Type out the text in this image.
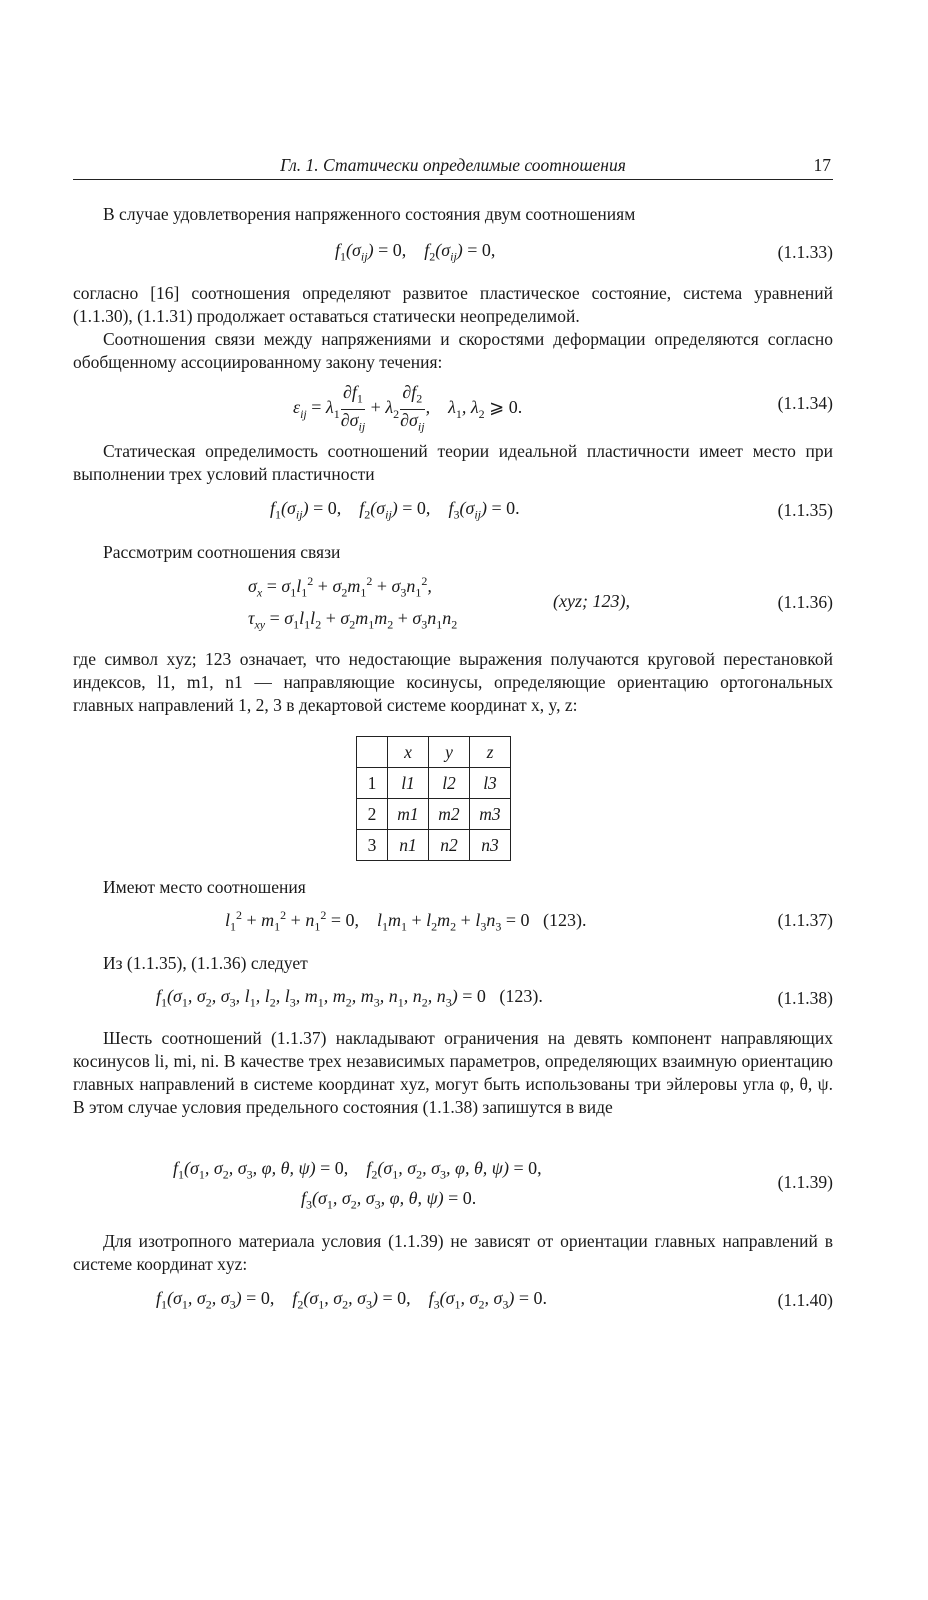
Гл. 1. Статически определимые соотношения	17
В случае удовлетворения напряженного состояния двум соотношениям
$f_1(\sigma_{ij}) = 0$,    $f_2(\sigma_{ij}) = 0$,	(1.1.33)
согласно [16] соотношения определяют развитое пластическое состояние, система уравнений (1.1.30), (1.1.31) продолжает оставаться статически неопределимой.
Соотношения связи между напряжениями и скоростями деформации определяются согласно обобщенному ассоциированному закону течения:
$\varepsilon_{ij} = \lambda_1 \frac{\partial f_1}{\partial\sigma_{ij}} + \lambda_2 \frac{\partial f_2}{\partial\sigma_{ij}}$ ,    $\lambda_1$, $\lambda_2$ ⩾ 0.	(1.1.34)
Статическая определимость соотношений теории идеальной пластичности имеет место при выполнении трех условий пластичности
$f_1(\sigma_{ij}) = 0$,    $f_2(\sigma_{ij}) = 0$,    $f_3(\sigma_{ij}) = 0$.	(1.1.35)
Рассмотрим соотношения связи
$\sigma_x = \sigma_1l_1^2 + \sigma_2m_1^2 + \sigma_3n_1^2$,
$\tau_{xy} = \sigma_1l_1l_2 + \sigma_2m_1m_2 + \sigma_3n_1n_2$
(xyz; 123),	(1.1.36)
где символ xyz; 123 означает, что недостающие выражения получаются круговой перестановкой индексов, l1, m1, n1 — направляющие косинусы, определяющие ориентацию ортогональных главных направлений 1, 2, 3 в декартовой системе координат x, y, z:
	x	y	z
1	l1	l2	l3
2	m1	m2	m3
3	n1	n2	n3
Имеют место соотношения
$l_1^2 + m_1^2 + n_1^2 = 0$,    $l_1m_1 + l_2m_2 + l_3n_3 = 0$   (123).	(1.1.37)
Из (1.1.35), (1.1.36) следует
$f_1(\sigma_1$, $\sigma_2$, $\sigma_3$, $l_1$, $l_2$, $l_3$, $m_1$, $m_2$, $m_3$, $n_1$, $n_2$, $n_3) = 0$   (123).	(1.1.38)
Шесть соотношений (1.1.37) накладывают ограничения на девять компонент направляющих косинусов li, mi, ni. В качестве трех независимых параметров, определяющих взаимную ориентацию главных направлений в системе координат xyz, могут быть использованы три эйлеровы угла φ, θ, ψ. В этом случае условия предельного состояния (1.1.38) запишутся в виде
$f_1(\sigma_1$, $\sigma_2$, $\sigma_3$, φ, θ, ψ) = 0,    $f_2(\sigma_1$, $\sigma_2$, $\sigma_3$, φ, θ, ψ) = 0,
$f_3(\sigma_1$, $\sigma_2$, $\sigma_3$, φ, θ, ψ) = 0.
(1.1.39)
Для изотропного материала условия (1.1.39) не зависят от ориентации главных направлений в системе координат xyz:
$f_1(\sigma_1$, $\sigma_2$, $\sigma_3) = 0$,    $f_2(\sigma_1$, $\sigma_2$, $\sigma_3) = 0$,    $f_3(\sigma_1$, $\sigma_2$, $\sigma_3) = 0$.	(1.1.40)
